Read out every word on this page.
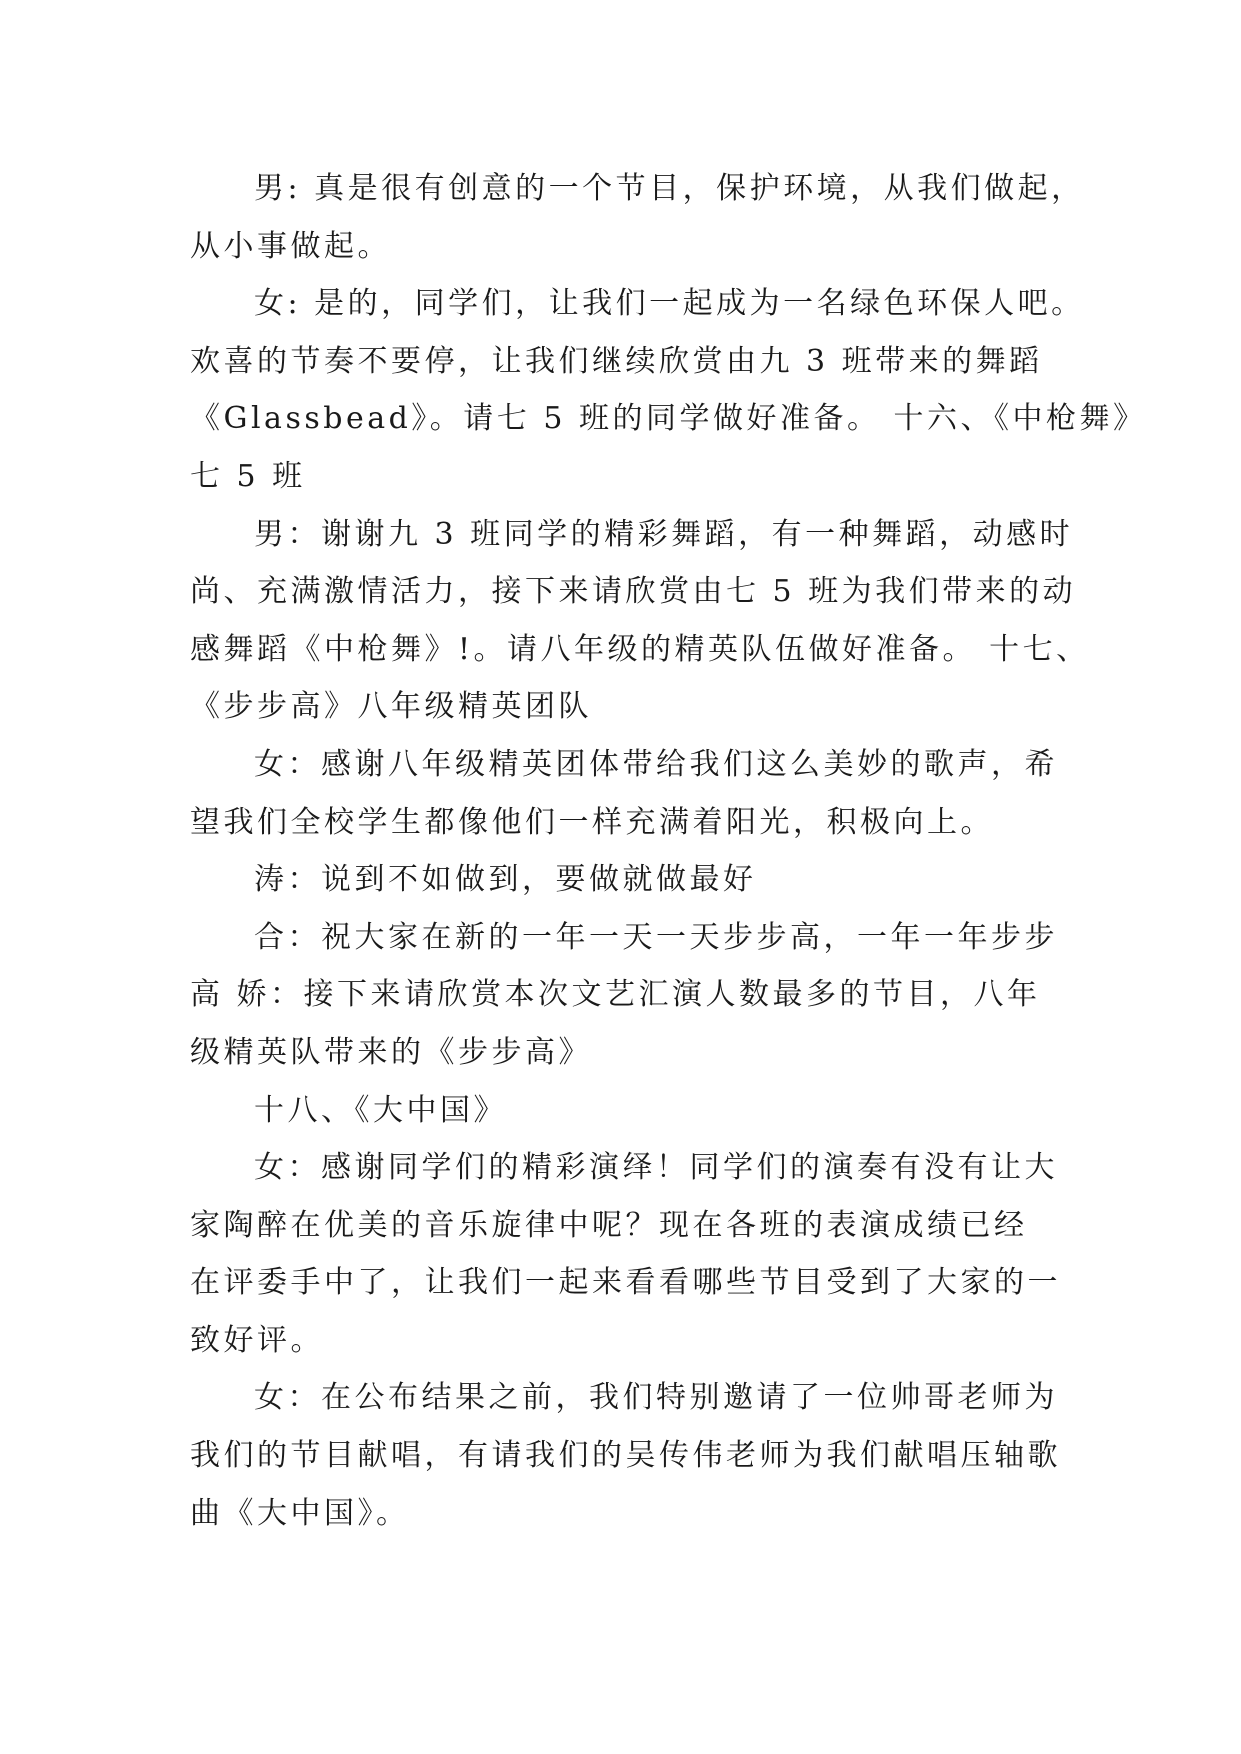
男: 真是很有创意的一个节目，保护环境，从我们做起，
从小事做起。
女: 是的，同学们，让我们一起成为一名绿色环保人吧。
欢喜的节奏不要停，让我们继续欣赏由九 3 班带来的舞蹈
《Glassbead》。请七 5 班的同学做好准备。 十六、《中枪舞》
七 5 班
男：谢谢九 3 班同学的精彩舞蹈，有一种舞蹈，动感时
尚、充满激情活力，接下来请欣赏由七 5 班为我们带来的动
感舞蹈《中枪舞》!。请八年级的精英队伍做好准备。 十七、
《步步高》八年级精英团队
女：感谢八年级精英团体带给我们这么美妙的歌声，希
望我们全校学生都像他们一样充满着阳光，积极向上。
涛：说到不如做到，要做就做最好
合：祝大家在新的一年一天一天步步高，一年一年步步
高 娇：接下来请欣赏本次文艺汇演人数最多的节目，八年
级精英队带来的《步步高》
十八、《大中国》
女：感谢同学们的精彩演绎！同学们的演奏有没有让大
家陶醉在优美的音乐旋律中呢？现在各班的表演成绩已经
在评委手中了，让我们一起来看看哪些节目受到了大家的一
致好评。
女：在公布结果之前，我们特别邀请了一位帅哥老师为
我们的节目献唱，有请我们的吴传伟老师为我们献唱压轴歌
曲《大中国》。
